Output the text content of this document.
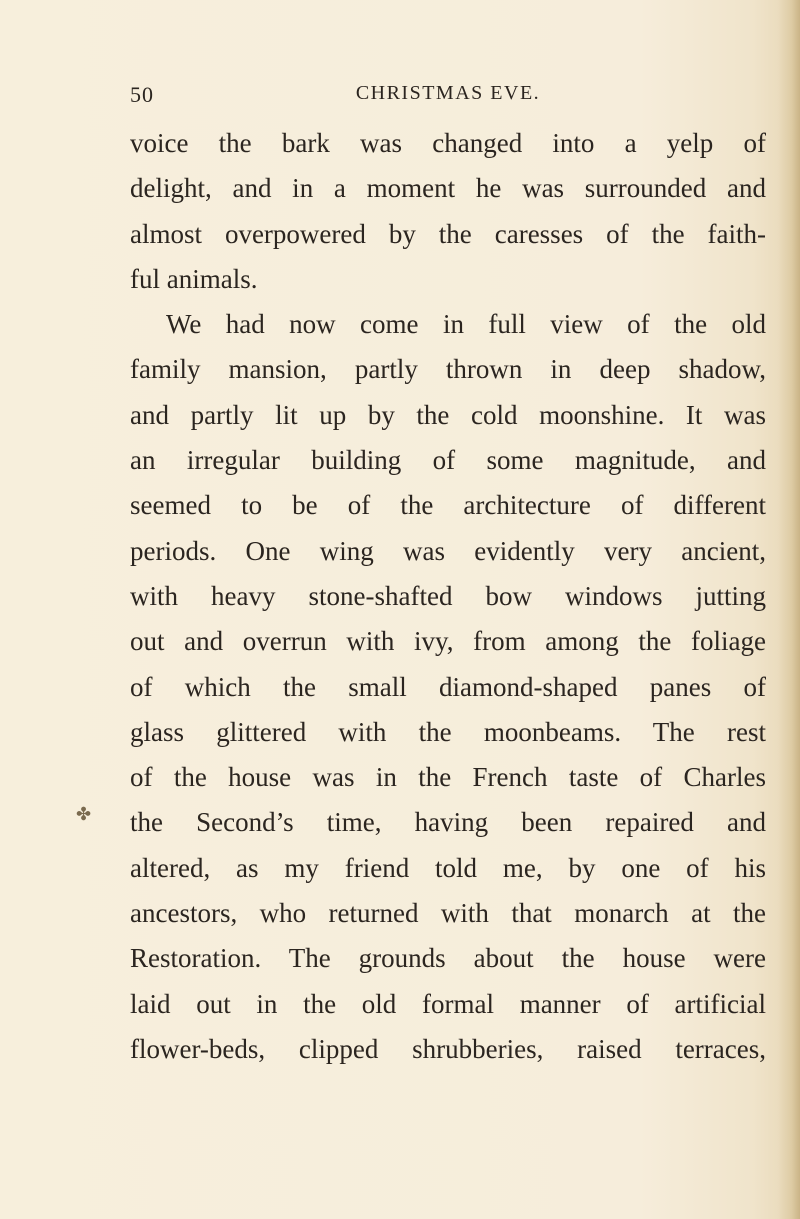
50	CHRISTMAS EVE.
✤
voice the bark was changed into a yelp of
delight, and in a moment he was surrounded and
almost overpowered by the caresses of the faith-
ful animals.
We had now come in full view of the old
family mansion, partly thrown in deep shadow,
and partly lit up by the cold moonshine. It was
an irregular building of some magnitude, and
seemed to be of the architecture of different
periods. One wing was evidently very ancient,
with heavy stone-shafted bow windows jutting
out and overrun with ivy, from among the foliage
of which the small diamond-shaped panes of
glass glittered with the moonbeams. The rest
of the house was in the French taste of Charles
the Second’s time, having been repaired and
altered, as my friend told me, by one of his
ancestors, who returned with that monarch at the
Restoration. The grounds about the house were
laid out in the old formal manner of artificial
flower-beds, clipped shrubberies, raised terraces,
